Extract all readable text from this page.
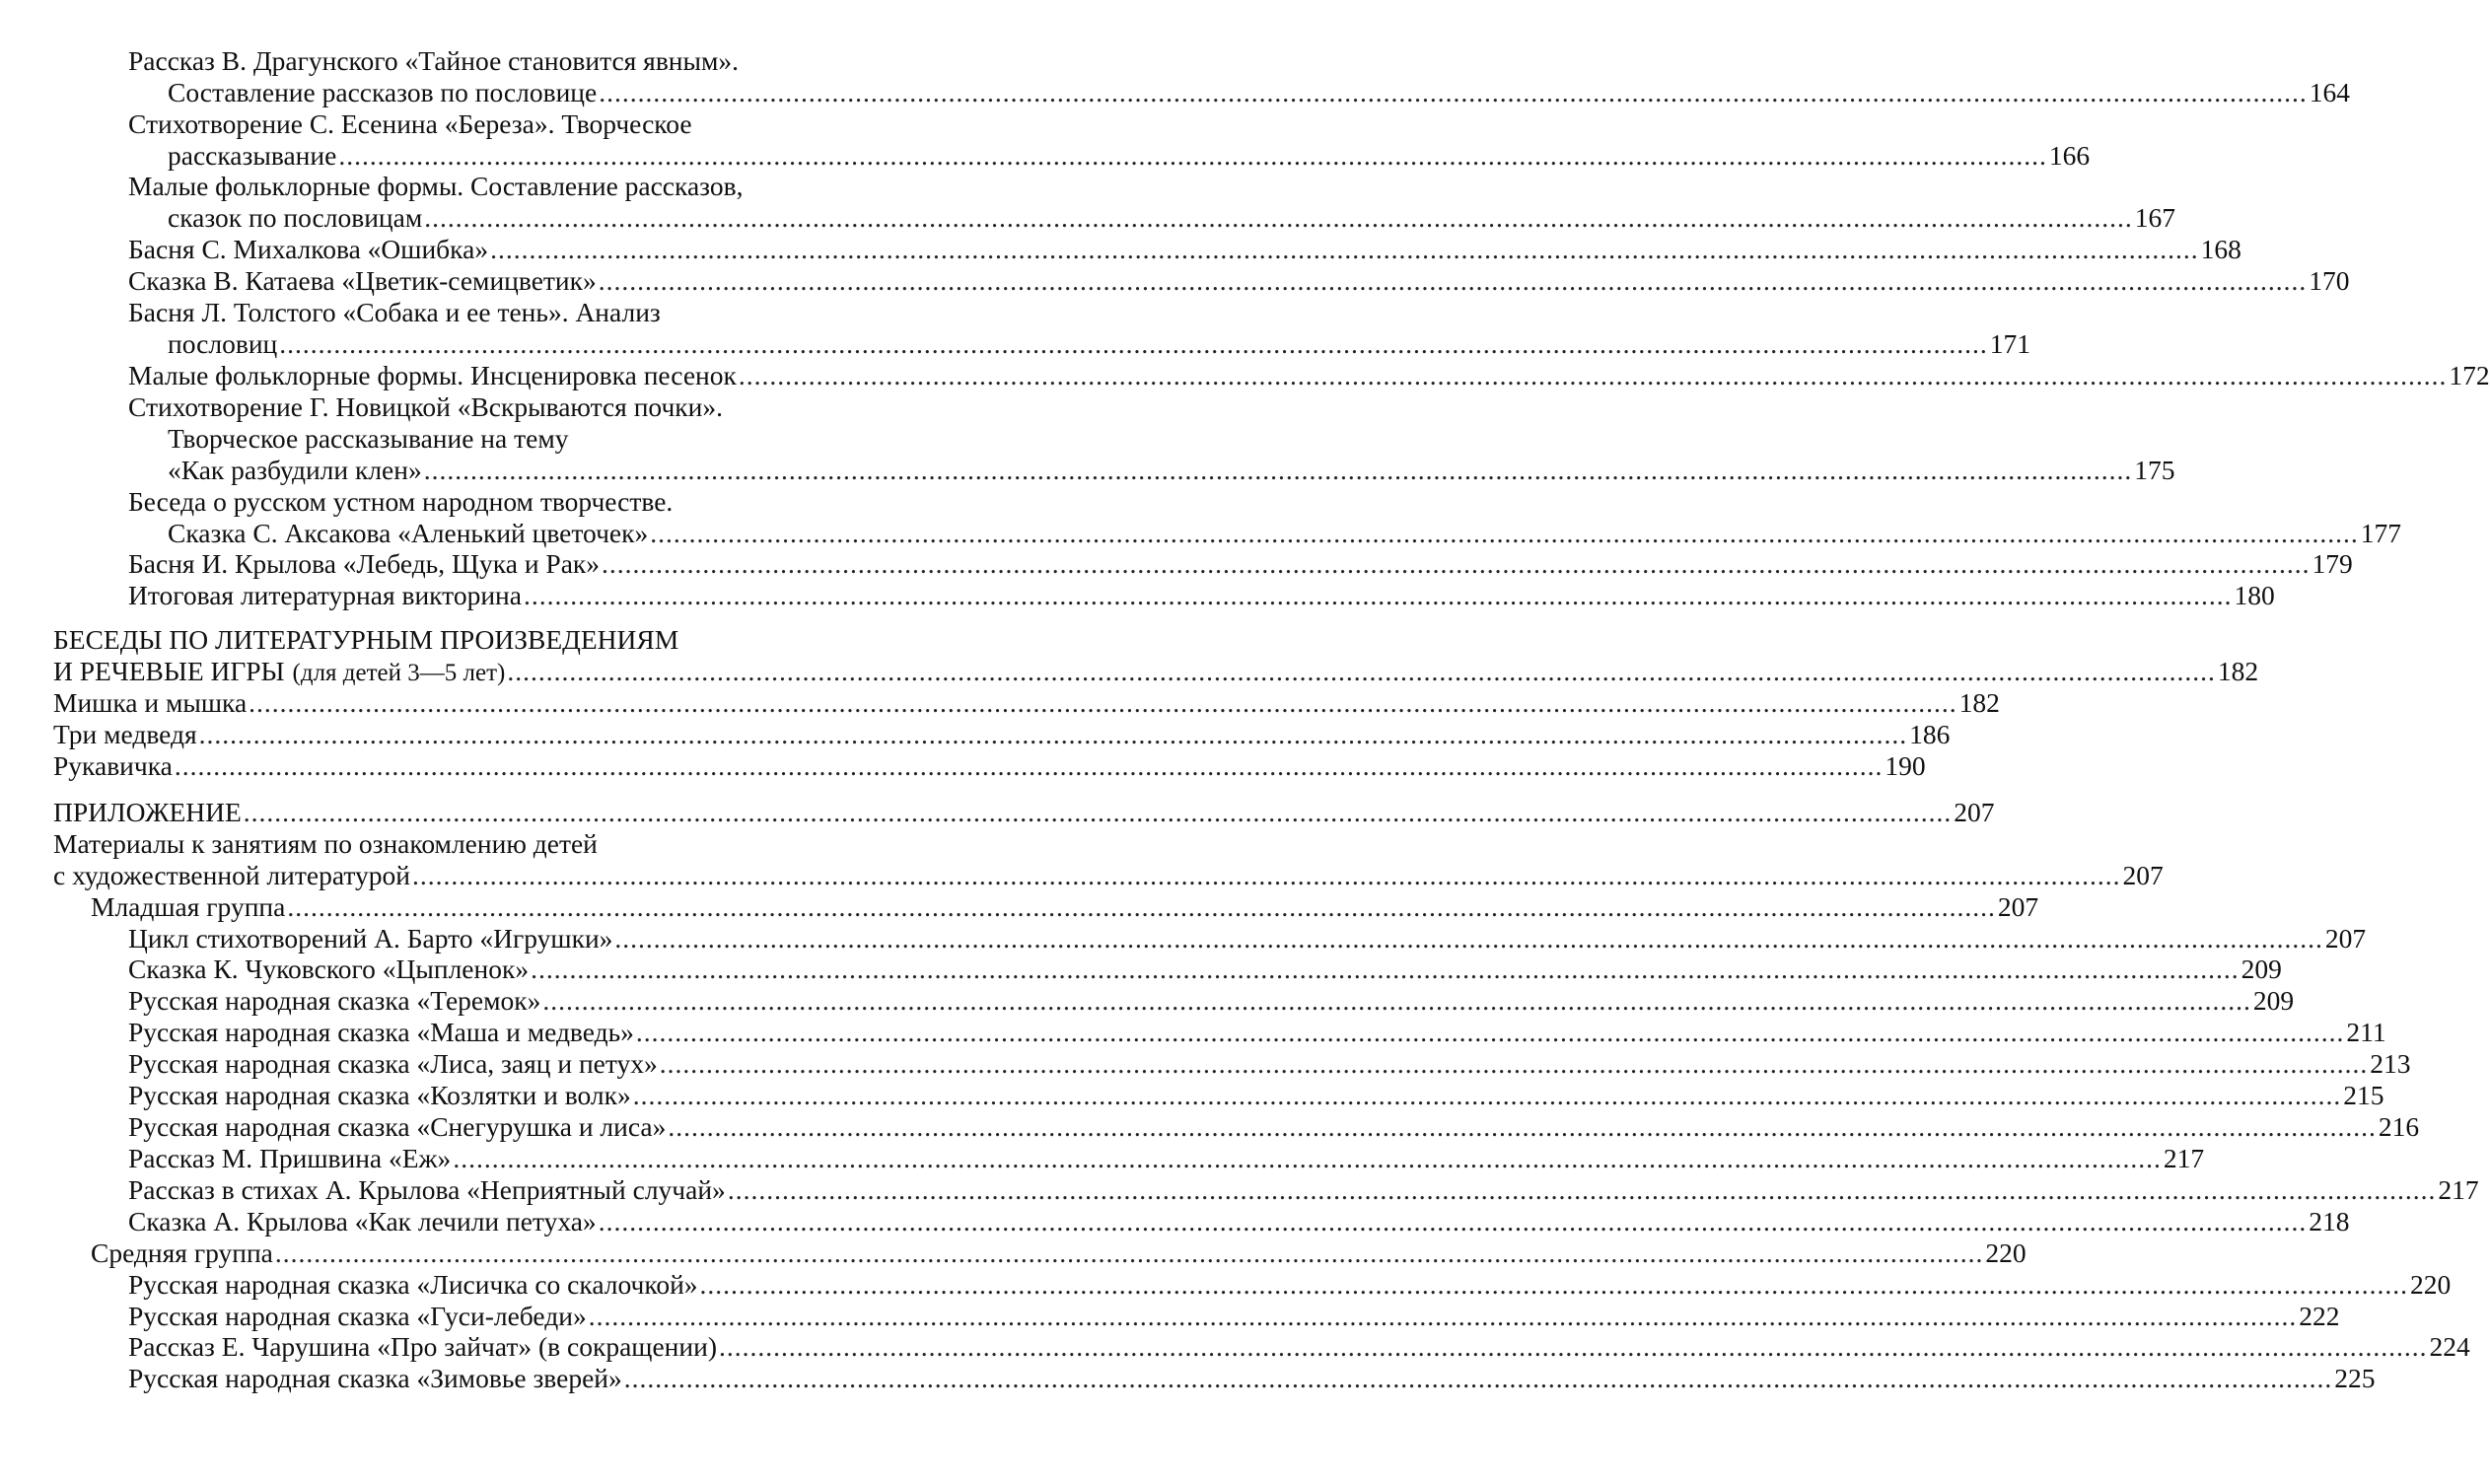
Рассказ В. Драгунского «Тайное становится явным».
Составление рассказов по пословице ............................................................................................................................................................................................................................ 164
Стихотворение С. Есенина «Береза». Творческое
рассказывание ............................................................................................................................................................................................................................ 166
Малые фольклорные формы. Составление рассказов,
сказок по пословицам ............................................................................................................................................................................................................................ 167
Басня С. Михалкова «Ошибка» ............................................................................................................................................................................................................................ 168
Сказка В. Катаева «Цветик-семицветик» ............................................................................................................................................................................................................................ 170
Басня Л. Толстого «Собака и ее тень». Анализ
пословиц ............................................................................................................................................................................................................................ 171
Малые фольклорные формы. Инсценировка песенок ............................................................................................................................................................................................................................ 172
Стихотворение Г. Новицкой «Вскрываются почки».
Творческое рассказывание на тему
«Как разбудили клен» ............................................................................................................................................................................................................................ 175
Беседа о русском устном народном творчестве.
Сказка С. Аксакова «Аленький цветочек» ............................................................................................................................................................................................................................ 177
Басня И. Крылова «Лебедь, Щука и Рак» ............................................................................................................................................................................................................................ 179
Итоговая литературная викторина ............................................................................................................................................................................................................................ 180
БЕСЕДЫ ПО ЛИТЕРАТУРНЫМ ПРОИЗВЕДЕНИЯМ
И РЕЧЕВЫЕ ИГРЫ (для детей 3—5 лет) ............................................................................................................................................................................................................................ 182
Мишка и мышка ............................................................................................................................................................................................................................ 182
Три медведя ............................................................................................................................................................................................................................ 186
Рукавичка ............................................................................................................................................................................................................................ 190
ПРИЛОЖЕНИЕ ............................................................................................................................................................................................................................ 207
Материалы к занятиям по ознакомлению детей
с художественной литературой ............................................................................................................................................................................................................................ 207
Младшая группа ............................................................................................................................................................................................................................ 207
Цикл стихотворений А. Барто «Игрушки» ............................................................................................................................................................................................................................ 207
Сказка К. Чуковского «Цыпленок» ............................................................................................................................................................................................................................ 209
Русская народная сказка «Теремок» ............................................................................................................................................................................................................................ 209
Русская народная сказка «Маша и медведь» ............................................................................................................................................................................................................................ 211
Русская народная сказка «Лиса, заяц и петух» ............................................................................................................................................................................................................................ 213
Русская народная сказка «Козлятки и волк» ............................................................................................................................................................................................................................ 215
Русская народная сказка «Снегурушка и лиса» ............................................................................................................................................................................................................................ 216
Рассказ М. Пришвина «Еж» ............................................................................................................................................................................................................................ 217
Рассказ в стихах А. Крылова «Неприятный случай» ............................................................................................................................................................................................................................ 217
Сказка А. Крылова «Как лечили петуха» ............................................................................................................................................................................................................................ 218
Средняя группа ............................................................................................................................................................................................................................ 220
Русская народная сказка «Лисичка со скалочкой» ............................................................................................................................................................................................................................ 220
Русская народная сказка «Гуси-лебеди» ............................................................................................................................................................................................................................ 222
Рассказ Е. Чарушина «Про зайчат» (в сокращении) ............................................................................................................................................................................................................................ 224
Русская народная сказка «Зимовье зверей» ............................................................................................................................................................................................................................ 225
